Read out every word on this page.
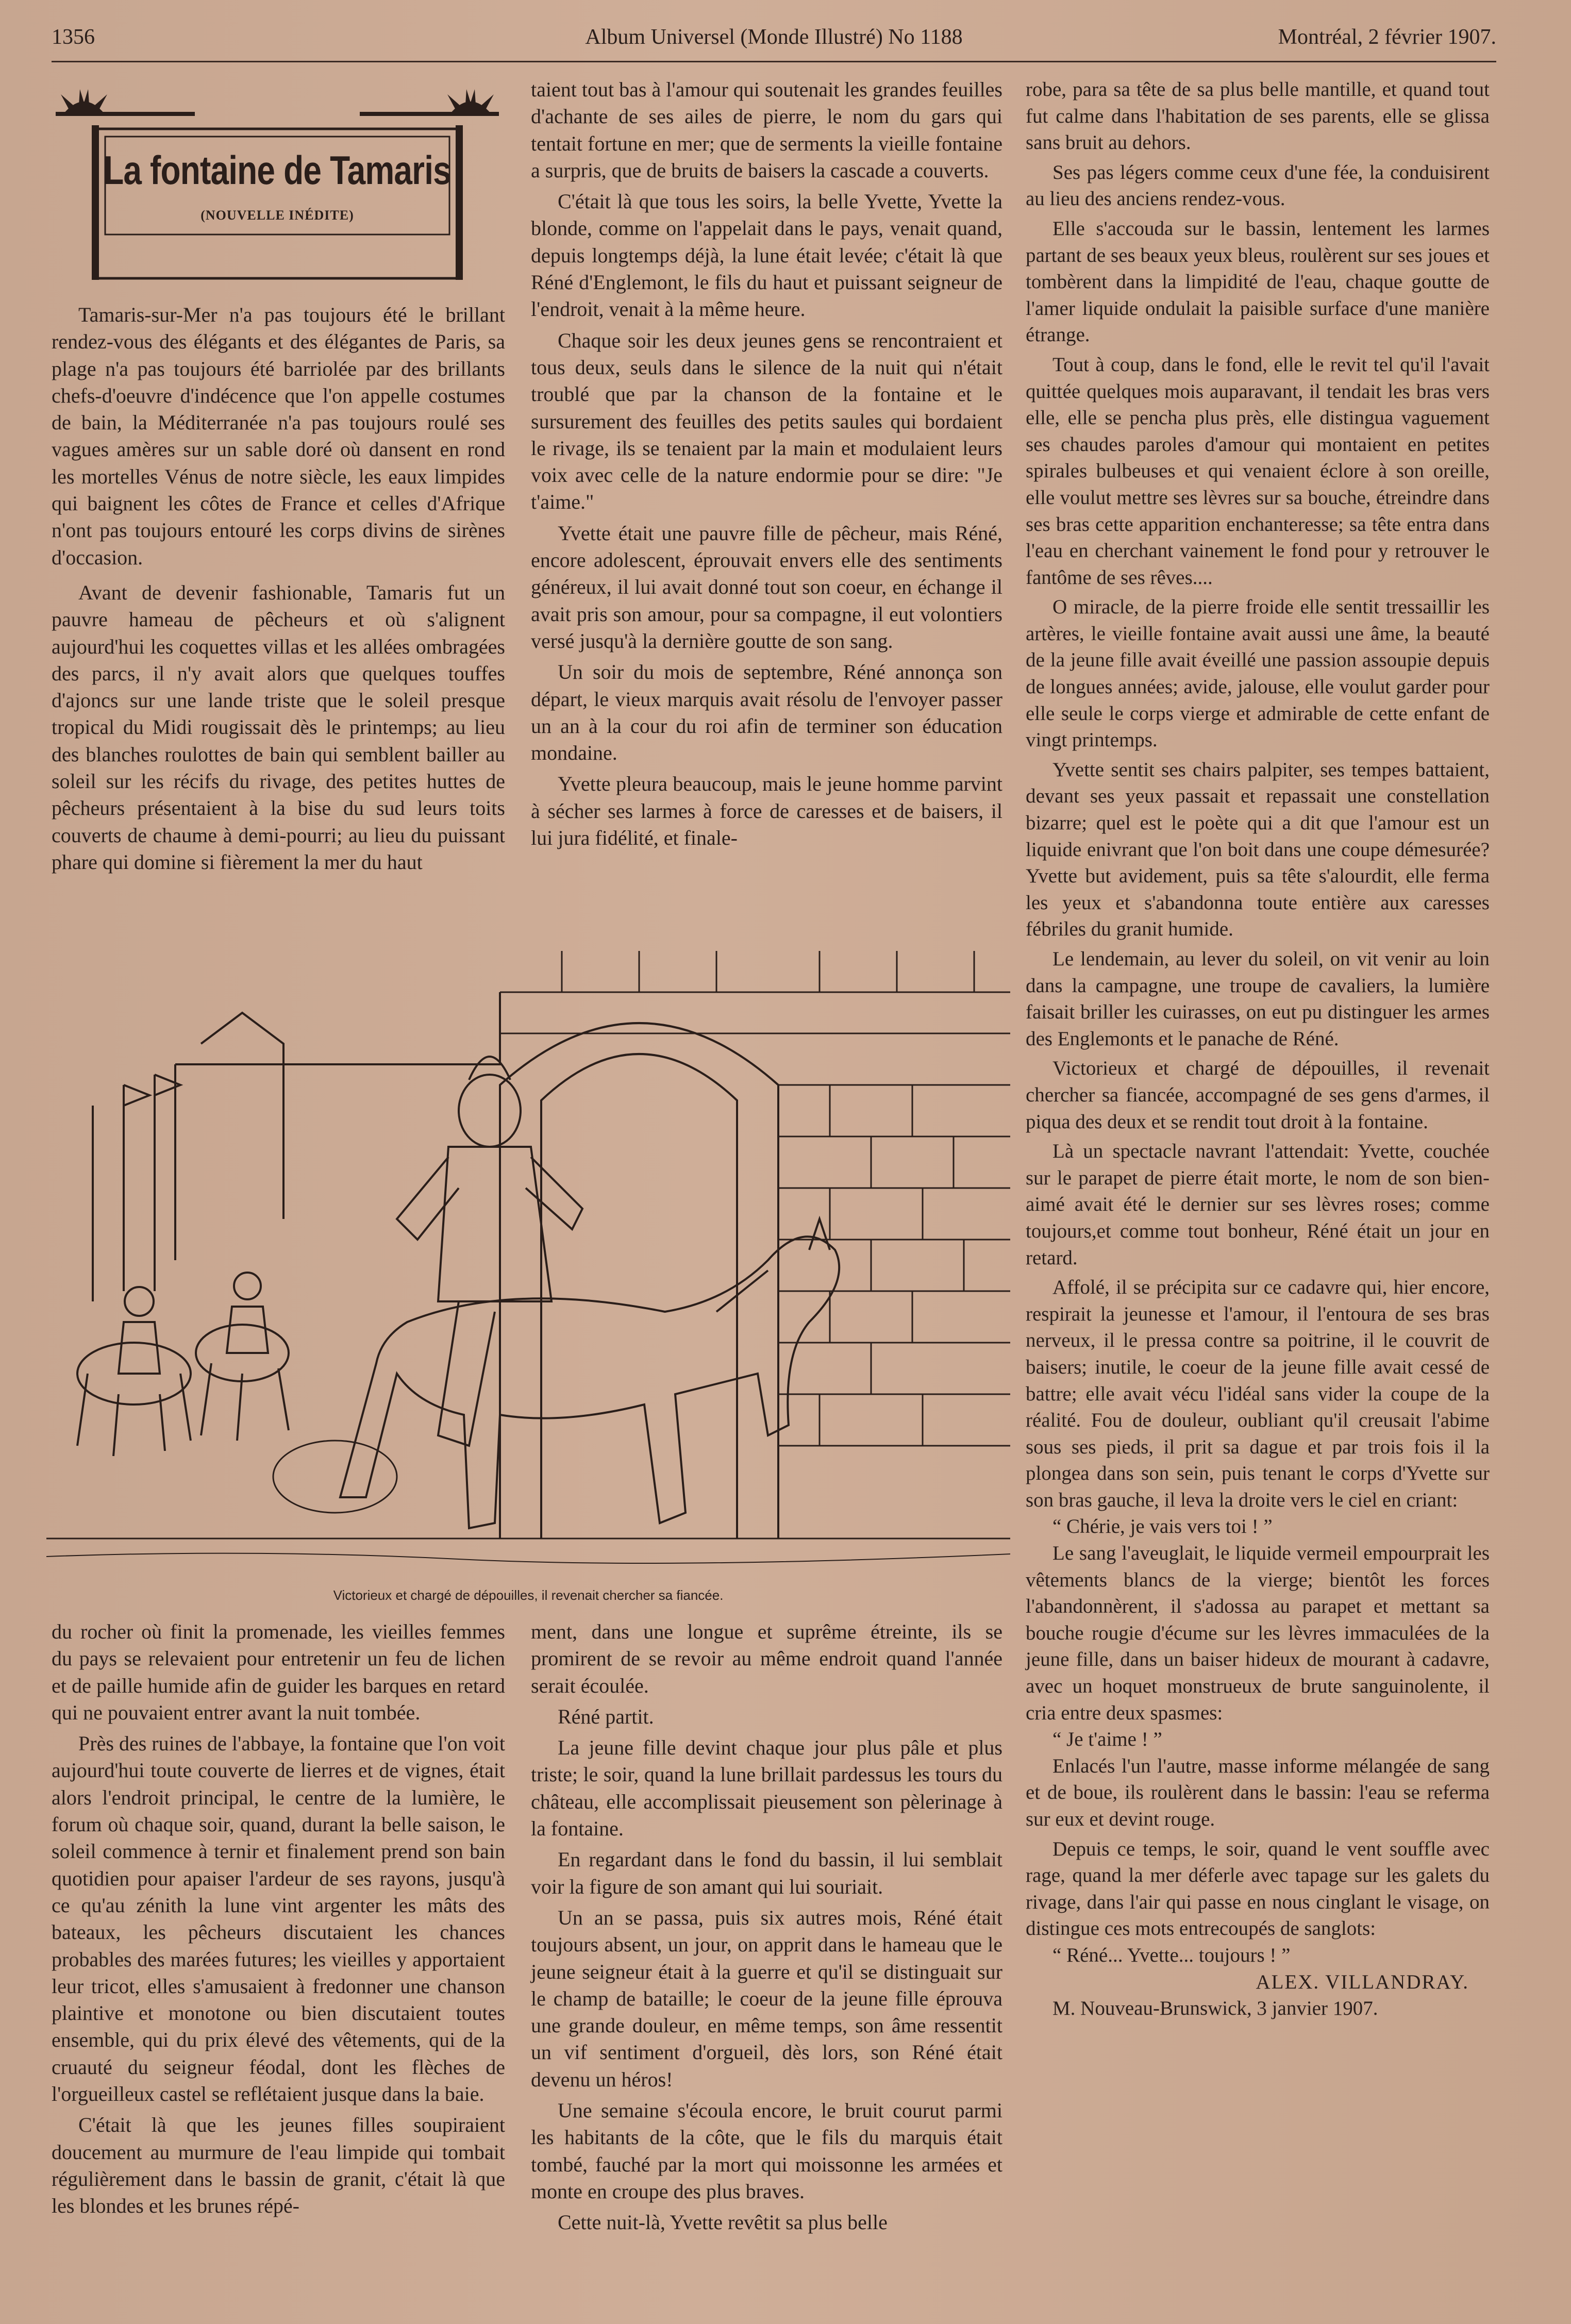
1356	Album Universel (Monde Illustré) No 1188	Montréal, 2 février 1907.
La fontaine de Tamaris
(NOUVELLE INÉDITE)

Tamaris-sur-Mer n'a pas toujours été le brillant rendez-vous des élégants et des élégantes de Paris, sa plage n'a pas toujours été barriolée par des brillants chefs-d'oeuvre d'indécence que l'on appelle costumes de bain, la Méditerranée n'a pas toujours roulé ses vagues amères sur un sable doré où dansent en rond les mortelles Vénus de notre siècle, les eaux limpides qui baignent les côtes de France et celles d'Afrique n'ont pas toujours entouré les corps divins de sirènes d'occasion.

Avant de devenir fashionable, Tamaris fut un pauvre hameau de pêcheurs et où s'alignent aujourd'hui les coquettes villas et les allées ombragées des parcs, il n'y avait alors que quelques touffes d'ajoncs sur une lande triste que le soleil presque tropical du Midi rougissait dès le printemps; au lieu des blanches roulottes de bain qui semblent bailler au soleil sur les récifs du rivage, des petites huttes de pêcheurs présentaient à la bise du sud leurs toits couverts de chaume à demi-pourri; au lieu du puissant phare qui domine si fièrement la mer du haut

taient tout bas à l'amour qui soutenait les grandes feuilles d'achante de ses ailes de pierre, le nom du gars qui tentait fortune en mer; que de serments la vieille fontaine a surpris, que de bruits de baisers la cascade a couverts.

C'était là que tous les soirs, la belle Yvette, Yvette la blonde, comme on l'appelait dans le pays, venait quand, depuis longtemps déjà, la lune était levée; c'était là que Réné d'Englemont, le fils du haut et puissant seigneur de l'endroit, venait à la même heure.

Chaque soir les deux jeunes gens se rencontraient et tous deux, seuls dans le silence de la nuit qui n'était troublé que par la chanson de la fontaine et le sursurement des feuilles des petits saules qui bordaient le rivage, ils se tenaient par la main et modulaient leurs voix avec celle de la nature endormie pour se dire: "Je t'aime."

Yvette était une pauvre fille de pêcheur, mais Réné, encore adolescent, éprouvait envers elle des sentiments généreux, il lui avait donné tout son coeur, en échange il avait pris son amour, pour sa compagne, il eut volontiers versé jusqu'à la dernière goutte de son sang.

Un soir du mois de septembre, Réné annonça son départ, le vieux marquis avait résolu de l'envoyer passer un an à la cour du roi afin de terminer son éducation mondaine.

Yvette pleura beaucoup, mais le jeune homme parvint à sécher ses larmes à force de caresses et de baisers, il lui jura fidélité, et finale-

Victorieux et chargé de dépouilles, il revenait chercher sa fiancée.

du rocher où finit la promenade, les vieilles femmes du pays se relevaient pour entretenir un feu de lichen et de paille humide afin de guider les barques en retard qui ne pouvaient entrer avant la nuit tombée.

Près des ruines de l'abbaye, la fontaine que l'on voit aujourd'hui toute couverte de lierres et de vignes, était alors l'endroit principal, le centre de la lumière, le forum où chaque soir, quand, durant la belle saison, le soleil commence à ternir et finalement prend son bain quotidien pour apaiser l'ardeur de ses rayons, jusqu'à ce qu'au zénith la lune vint argenter les mâts des bateaux, les pêcheurs discutaient les chances probables des marées futures; les vieilles y apportaient leur tricot, elles s'amusaient à fredonner une chanson plaintive et monotone ou bien discutaient toutes ensemble, qui du prix élevé des vêtements, qui de la cruauté du seigneur féodal, dont les flèches de l'orgueilleux castel se reflétaient jusque dans la baie.

C'était là que les jeunes filles soupiraient doucement au murmure de l'eau limpide qui tombait régulièrement dans le bassin de granit, c'était là que les blondes et les brunes répé-

ment, dans une longue et suprême étreinte, ils se promirent de se revoir au même endroit quand l'année serait écoulée.

Réné partit.

La jeune fille devint chaque jour plus pâle et plus triste; le soir, quand la lune brillait pardessus les tours du château, elle accomplissait pieusement son pèlerinage à la fontaine.

En regardant dans le fond du bassin, il lui semblait voir la figure de son amant qui lui souriait.

Un an se passa, puis six autres mois, Réné était toujours absent, un jour, on apprit dans le hameau que le jeune seigneur était à la guerre et qu'il se distinguait sur le champ de bataille; le coeur de la jeune fille éprouva une grande douleur, en même temps, son âme ressentit un vif sentiment d'orgueil, dès lors, son Réné était devenu un héros!

Une semaine s'écoula encore, le bruit courut parmi les habitants de la côte, que le fils du marquis était tombé, fauché par la mort qui moissonne les armées et monte en croupe des plus braves.

Cette nuit-là, Yvette revêtit sa plus belle

robe, para sa tête de sa plus belle mantille, et quand tout fut calme dans l'habitation de ses parents, elle se glissa sans bruit au dehors.

Ses pas légers comme ceux d'une fée, la conduisirent au lieu des anciens rendez-vous.

Elle s'accouda sur le bassin, lentement les larmes partant de ses beaux yeux bleus, roulèrent sur ses joues et tombèrent dans la limpidité de l'eau, chaque goutte de l'amer liquide ondulait la paisible surface d'une manière étrange.

Tout à coup, dans le fond, elle le revit tel qu'il l'avait quittée quelques mois auparavant, il tendait les bras vers elle, elle se pencha plus près, elle distingua vaguement ses chaudes paroles d'amour qui montaient en petites spirales bulbeuses et qui venaient éclore à son oreille, elle voulut mettre ses lèvres sur sa bouche, étreindre dans ses bras cette apparition enchanteresse; sa tête entra dans l'eau en cherchant vainement le fond pour y retrouver le fantôme de ses rêves....

O miracle, de la pierre froide elle sentit tressaillir les artères, le vieille fontaine avait aussi une âme, la beauté de la jeune fille avait éveillé une passion assoupie depuis de longues années; avide, jalouse, elle voulut garder pour elle seule le corps vierge et admirable de cette enfant de vingt printemps.

Yvette sentit ses chairs palpiter, ses tempes battaient, devant ses yeux passait et repassait une constellation bizarre; quel est le poète qui a dit que l'amour est un liquide enivrant que l'on boit dans une coupe démesurée? Yvette but avidement, puis sa tête s'alourdit, elle ferma les yeux et s'abandonna toute entière aux caresses fébriles du granit humide.

Le lendemain, au lever du soleil, on vit venir au loin dans la campagne, une troupe de cavaliers, la lumière faisait briller les cuirasses, on eut pu distinguer les armes des Englemonts et le panache de Réné.

Victorieux et chargé de dépouilles, il revenait chercher sa fiancée, accompagné de ses gens d'armes, il piqua des deux et se rendit tout droit à la fontaine.

Là un spectacle navrant l'attendait: Yvette, couchée sur le parapet de pierre était morte, le nom de son bien-aimé avait été le dernier sur ses lèvres roses; comme toujours,et comme tout bonheur, Réné était un jour en retard.

Affolé, il se précipita sur ce cadavre qui, hier encore, respirait la jeunesse et l'amour, il l'entoura de ses bras nerveux, il le pressa contre sa poitrine, il le couvrit de baisers; inutile, le coeur de la jeune fille avait cessé de battre; elle avait vécu l'idéal sans vider la coupe de la réalité. Fou de douleur, oubliant qu'il creusait l'abime sous ses pieds, il prit sa dague et par trois fois il la plongea dans son sein, puis tenant le corps d'Yvette sur son bras gauche, il leva la droite vers le ciel en criant:

“ Chérie, je vais vers toi ! ”

Le sang l'aveuglait, le liquide vermeil empourprait les vêtements blancs de la vierge; bientôt les forces l'abandonnèrent, il s'adossa au parapet et mettant sa bouche rougie d'écume sur les lèvres immaculées de la jeune fille, dans un baiser hideux de mourant à cadavre, avec un hoquet monstrueux de brute sanguinolente, il cria entre deux spasmes:

“ Je t'aime ! ”

Enlacés l'un l'autre, masse informe mélangée de sang et de boue, ils roulèrent dans le bassin: l'eau se referma sur eux et devint rouge.

Depuis ce temps, le soir, quand le vent souffle avec rage, quand la mer déferle avec tapage sur les galets du rivage, dans l'air qui passe en nous cinglant le visage, on distingue ces mots entrecoupés de sanglots:

“ Réné... Yvette... toujours ! ”

ALEX. VILLANDRAY.

M. Nouveau-Brunswick, 3 janvier 1907.
